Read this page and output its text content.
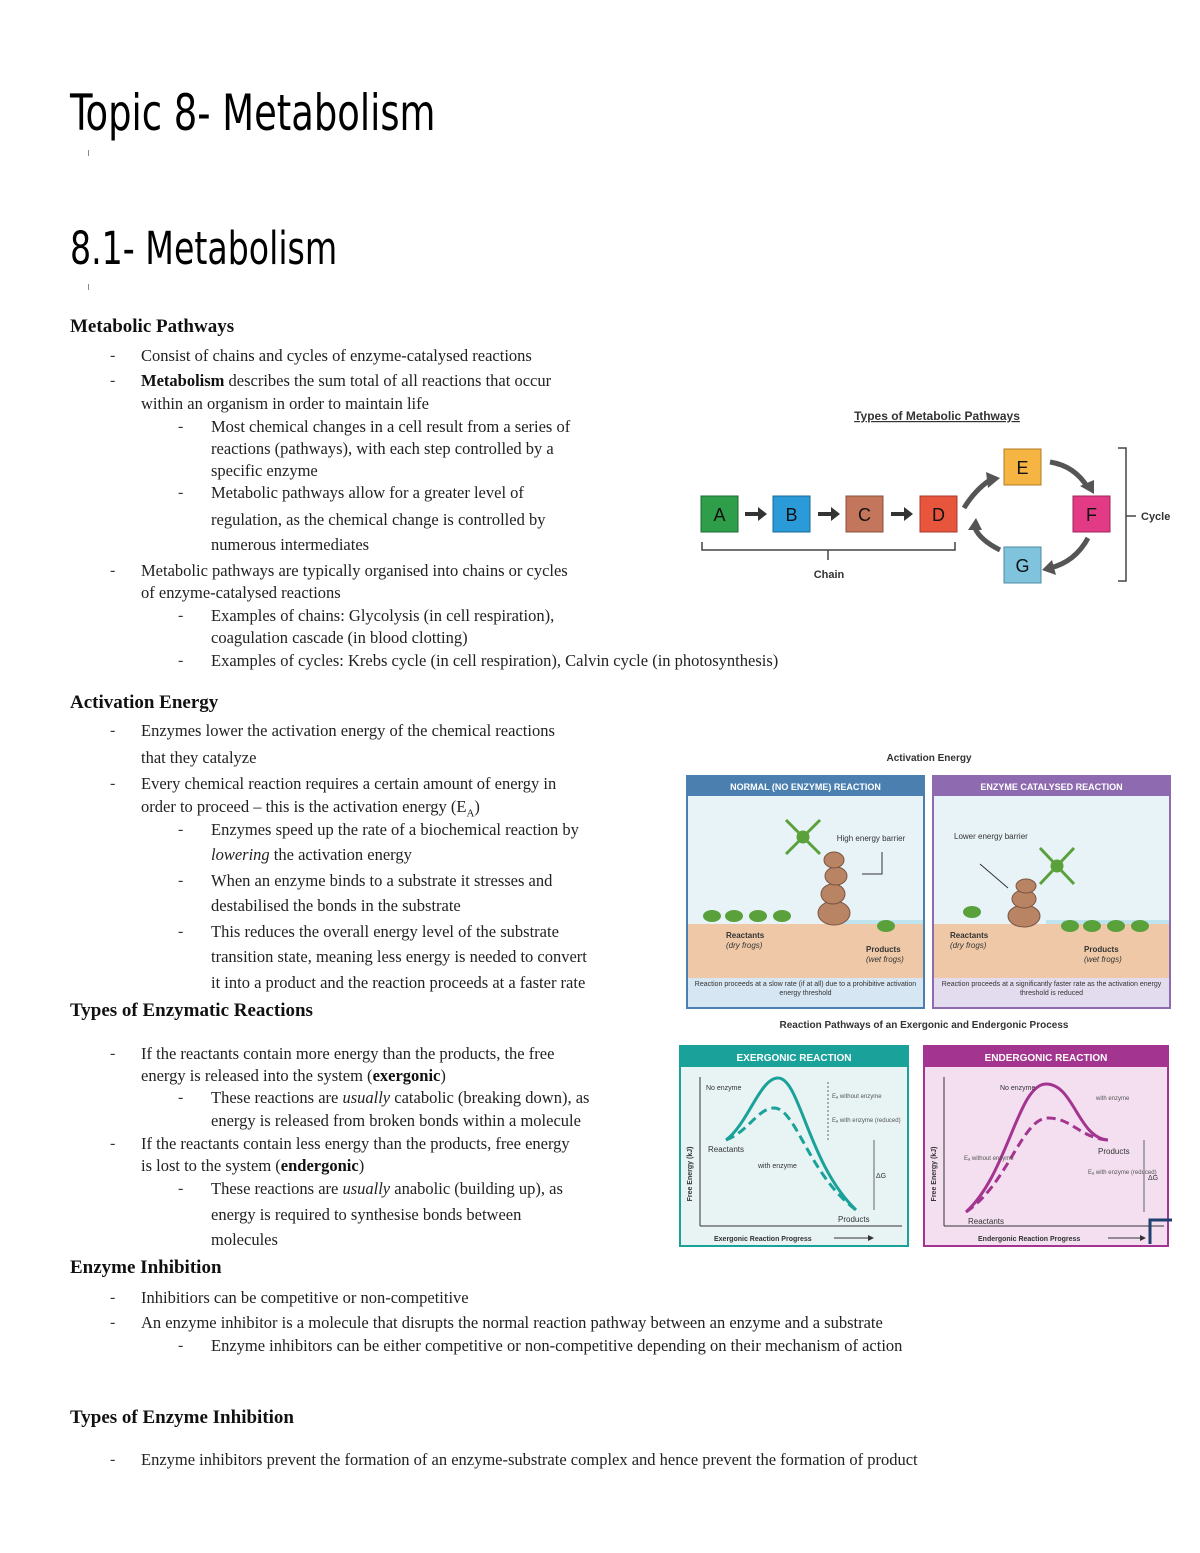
Topic 8- Metabolism
8.1- Metabolism
Metabolic Pathways
- Consist of chains and cycles of enzyme-catalysed reactions
- Metabolism describes the sum total of all reactions that occur
within an organism in order to maintain life
- Most chemical changes in a cell result from a series of
reactions (pathways), with each step controlled by a
specific enzyme
- Metabolic pathways allow for a greater level of
regulation, as the chemical change is controlled by
numerous intermediates
- Metabolic pathways are typically organised into chains or cycles
of enzyme-catalysed reactions
- Examples of chains: Glycolysis (in cell respiration),
coagulation cascade (in blood clotting)
- Examples of cycles: Krebs cycle (in cell respiration), Calvin cycle (in photosynthesis)
Types of Metabolic Pathways
A	B	C	D
E
F
G
Chain
Cycle
Activation Energy
- Enzymes lower the activation energy of the chemical reactions
that they catalyze
- Every chemical reaction requires a certain amount of energy in
order to proceed – this is the activation energy $(E_A)$
- Enzymes speed up the rate of a biochemical reaction by
lowering the activation energy
- When an enzyme binds to a substrate it stresses and
destabilised the bonds in the substrate
- This reduces the overall energy level of the substrate
transition state, meaning less energy is needed to convert
it into a product and the reaction proceeds at a faster rate
Activation Energy
NORMAL (NO ENZYME) REACTION
High energy barrier
Reactants
(dry frogs)	Products
(wet frogs)
Reaction proceeds at a slow rate (if at all) due to a prohibitive activation energy threshold
ENZYME CATALYSED REACTION
Lower energy barrier
Reactants
(dry frogs)	Products
(wet frogs)
Reaction proceeds at a significantly faster rate as the activation energy threshold is reduced
Types of Enzymatic Reactions
- If the reactants contain more energy than the products, the free
energy is released into the system (exergonic)
- These reactions are usually catabolic (breaking down), as
energy is released from broken bonds within a molecule
- If the reactants contain less energy than the products, free energy
is lost to the system (endergonic)
- These reactions are usually anabolic (building up), as
energy is required to synthesise bonds between
molecules
Reaction Pathways of an Exergonic and Endergonic Process
EXERGONIC REACTION
Free Energy (kJ)
No enzyme
with enzyme
Eₐ without enzyme
Eₐ with enzyme (reduced)
Reactants
Products
ΔG
Exergonic Reaction Progress
ENDERGONIC REACTION
Free Energy (kJ)
No enzyme
Eₐ without enzyme
with enzyme
Eₐ with enzyme (reduced)
Reactants
Products
ΔG
Endergonic Reaction Progress
Enzyme Inhibition
- Inhibitiors can be competitive or non-competitive
- An enzyme inhibitor is a molecule that disrupts the normal reaction pathway between an enzyme and a substrate
- Enzyme inhibitors can be either competitive or non-competitive depending on their mechanism of action
Types of Enzyme Inhibition
- Enzyme inhibitors prevent the formation of an enzyme-substrate complex and hence prevent the formation of product
